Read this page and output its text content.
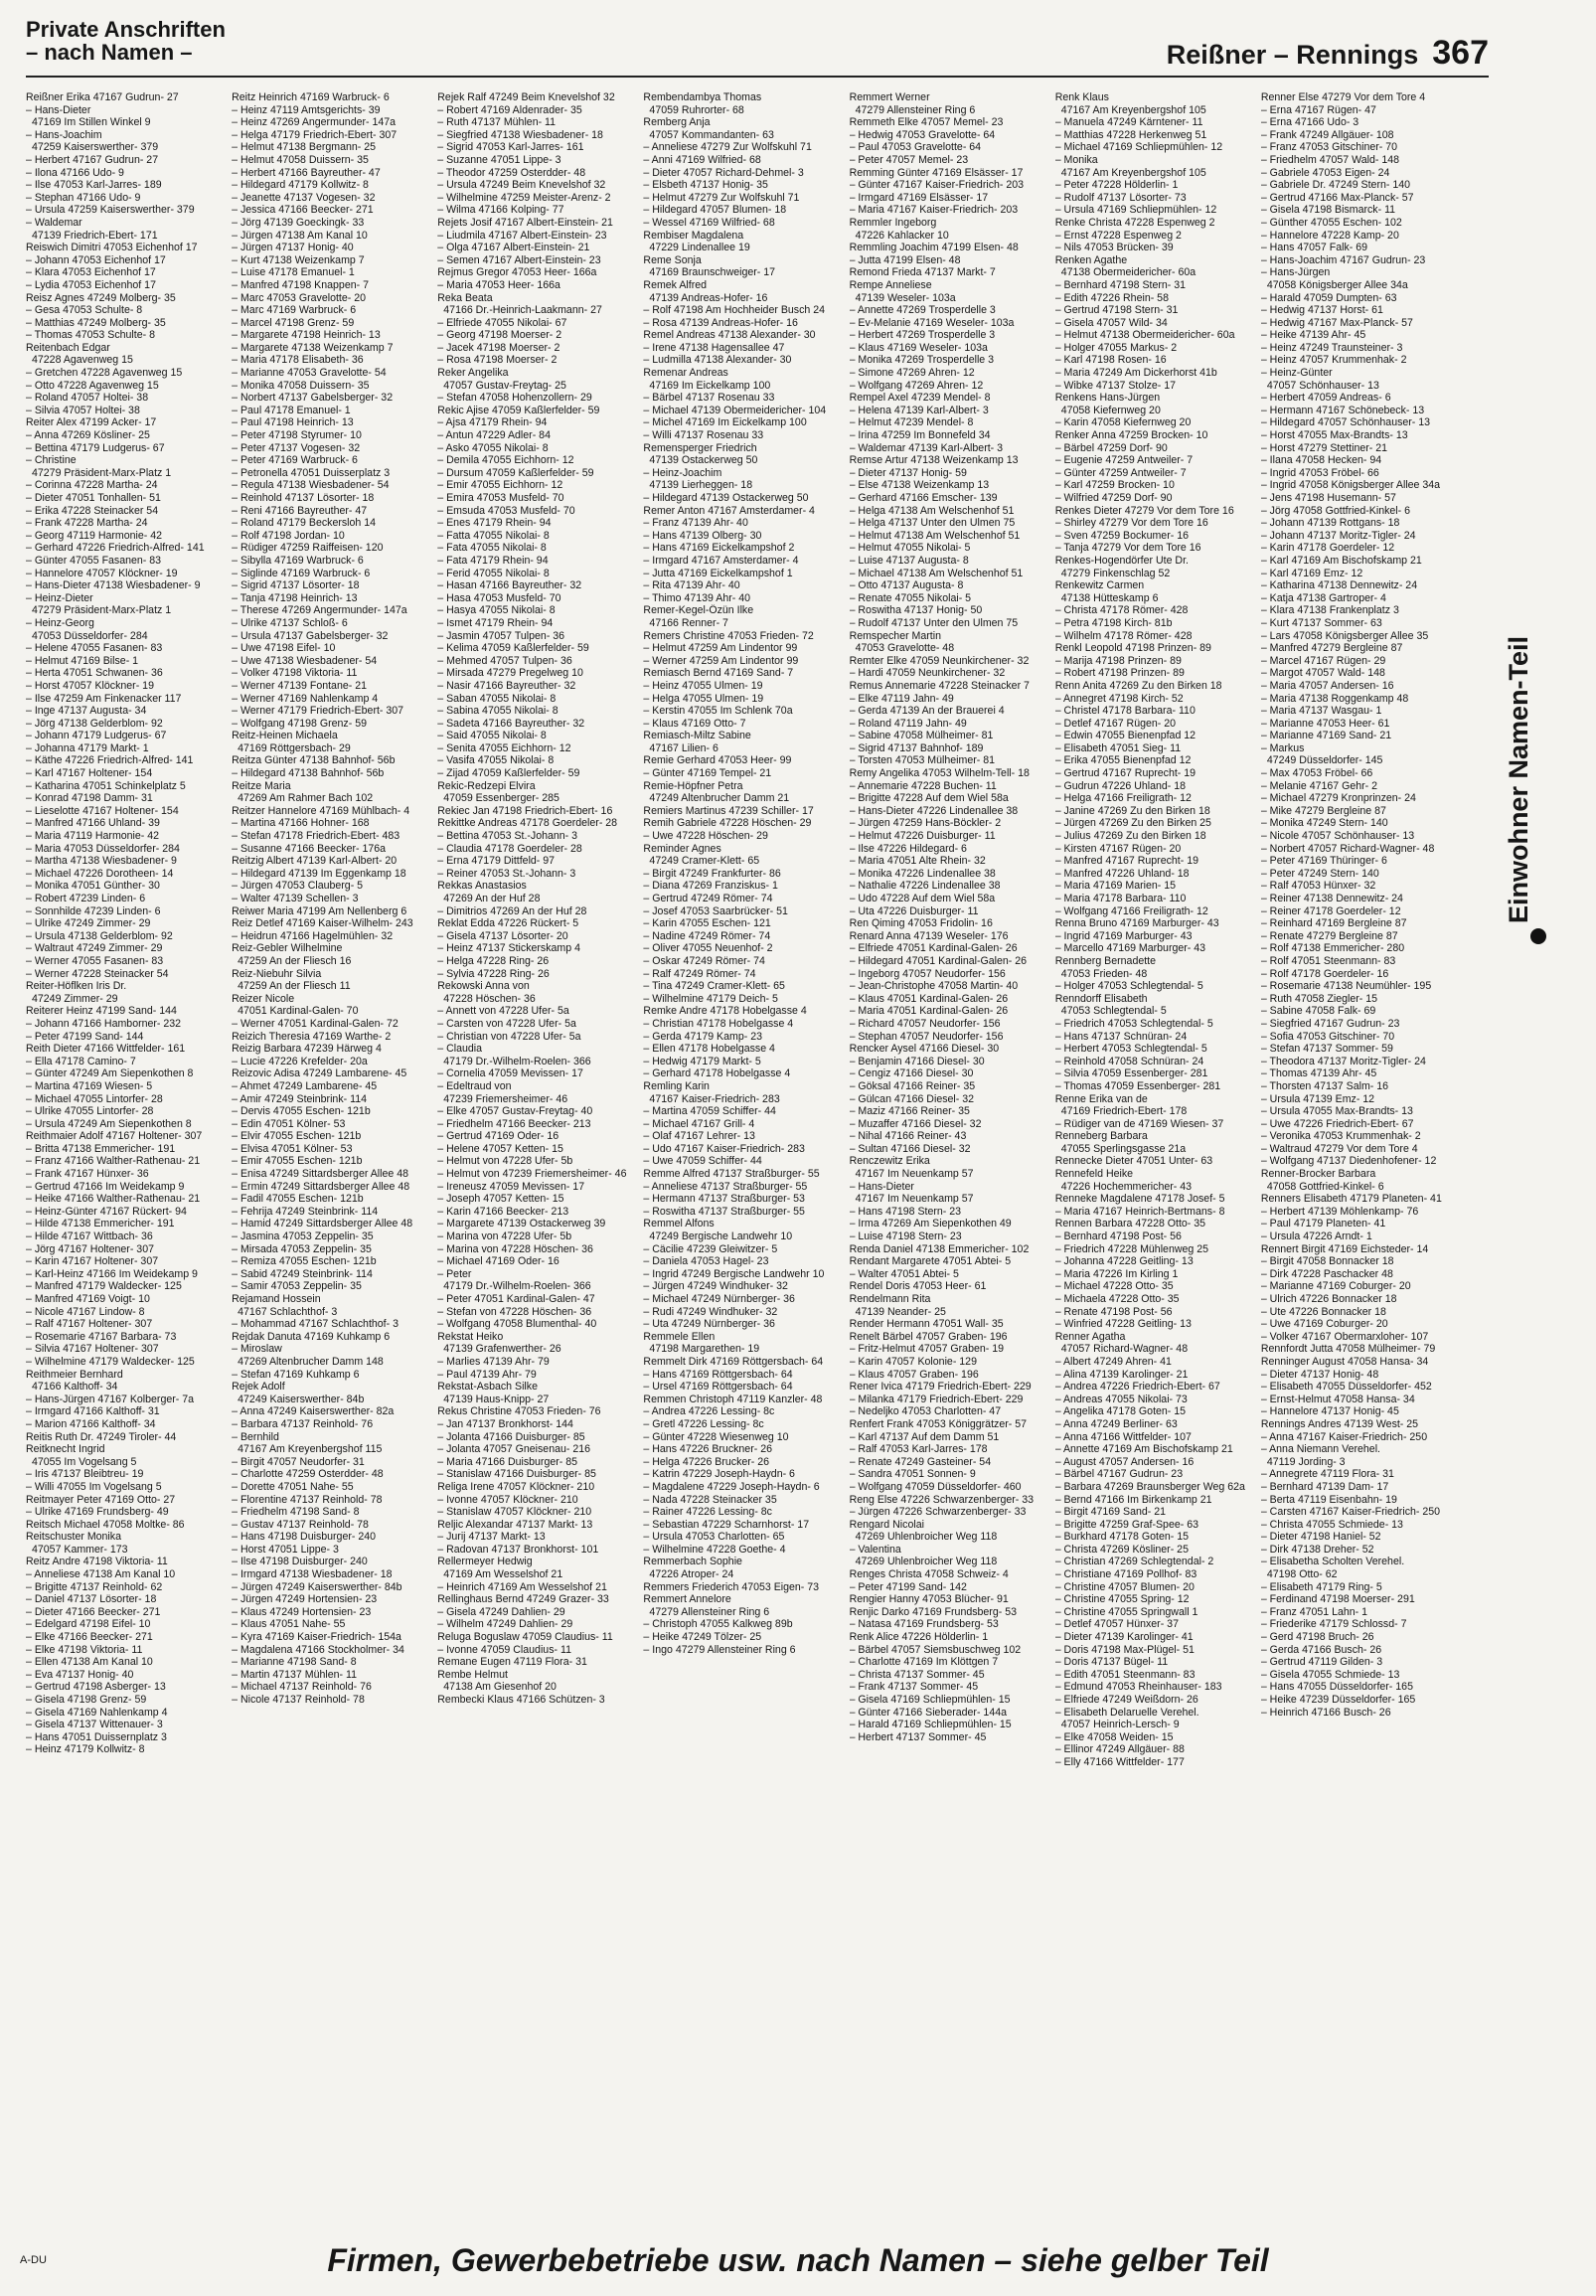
Private Anschriften
– nach Namen –	Reißner – Rennings 367
Reißner Erika 47167 Gudrun- 27
– Hans-Dieter
47169 Im Stillen Winkel 9
– Hans-Joachim
47259 Kaiserswerther- 379
– Herbert 47167 Gudrun- 27
– Ilona 47166 Udo- 9
– Ilse 47053 Karl-Jarres- 189
– Stephan 47166 Udo- 9
– Ursula 47259 Kaiserswerther- 379
– Waldemar
47139 Friedrich-Ebert- 171
Reiswich Dimitri 47053 Eichenhof 17
– Johann 47053 Eichenhof 17
– Klara 47053 Eichenhof 17
– Lydia 47053 Eichenhof 17
Reisz Agnes 47249 Molberg- 35
– Gesa 47053 Schulte- 8
– Matthias 47249 Molberg- 35
– Thomas 47053 Schulte- 8
Reitenbach Edgar
47228 Agavenweg 15
– Gretchen 47228 Agavenweg 15
– Otto 47228 Agavenweg 15
– Roland 47057 Holtei- 38
– Silvia 47057 Holtei- 38
Reiter Alex 47199 Acker- 17
– Anna 47269 Kösliner- 25
– Bettina 47179 Ludgerus- 67
– Christine
47279 Präsident-Marx-Platz 1
– Corinna 47228 Martha- 24
– Dieter 47051 Tonhallen- 51
– Erika 47228 Steinacker 54
– Frank 47228 Martha- 24
– Georg 47119 Harmonie- 42
– Gerhard 47226 Friedrich-Alfred- 141
– Günter 47055 Fasanen- 83
– Hannelore 47057 Klöckner- 19
– Hans-Dieter 47138 Wiesbadener- 9
– Heinz-Dieter
47279 Präsident-Marx-Platz 1
– Heinz-Georg
47053 Düsseldorfer- 284
– Helene 47055 Fasanen- 83
– Helmut 47169 Bilse- 1
– Herta 47051 Schwanen- 36
– Horst 47057 Klöckner- 19
– Ilse 47259 Am Finkenacker 117
– Inge 47137 Augusta- 34
– Jörg 47138 Gelderblom- 92
– Johann 47179 Ludgerus- 67
– Johanna 47179 Markt- 1
– Käthe 47226 Friedrich-Alfred- 141
– Karl 47167 Holtener- 154
– Katharina 47051 Schinkelplatz 5
– Konrad 47198 Damm- 31
– Lieselotte 47167 Holtener- 154
– Manfred 47166 Uhland- 39
– Maria 47119 Harmonie- 42
– Maria 47053 Düsseldorfer- 284
– Martha 47138 Wiesbadener- 9
– Michael 47226 Dorotheen- 14
– Monika 47051 Günther- 30
– Robert 47239 Linden- 6
– Sonnhilde 47239 Linden- 6
– Ulrike 47249 Zimmer- 29
– Ursula 47138 Gelderblom- 92
– Waltraut 47249 Zimmer- 29
– Werner 47055 Fasanen- 83
– Werner 47228 Steinacker 54
Reiter-Höflken Iris Dr.
47249 Zimmer- 29
Reiterer Heinz 47199 Sand- 144
– Johann 47166 Hamborner- 232
– Peter 47199 Sand- 144
Reith Dieter 47166 Wittfelder- 161
– Ella 47178 Camino- 7
– Günter 47249 Am Siepenkothen 8
– Martina 47169 Wiesen- 5
– Michael 47055 Lintorfer- 28
– Ulrike 47055 Lintorfer- 28
– Ursula 47249 Am Siepenkothen 8
Reithmaier Adolf 47167 Holtener- 307
– Britta 47138 Emmericher- 191
– Franz 47166 Walther-Rathenau- 21
– Frank 47167 Hünxer- 36
– Gertrud 47166 Im Weidekamp 9
– Heike 47166 Walther-Rathenau- 21
– Heinz-Günter 47167 Rückert- 94
– Hilde 47138 Emmericher- 191
– Hilde 47167 Wittbach- 36
– Jörg 47167 Holtener- 307
– Karin 47167 Holtener- 307
– Karl-Heinz 47166 Im Weidekamp 9
– Manfred 47179 Waldecker- 125
– Manfred 47169 Voigt- 10
– Nicole 47167 Lindow- 8
– Ralf 47167 Holtener- 307
– Rosemarie 47167 Barbara- 73
– Silvia 47167 Holtener- 307
– Wilhelmine 47179 Waldecker- 125
Reithmeier Bernhard
47166 Kalthoff- 34
– Hans-Jürgen 47167 Kolberger- 7a
– Irmgard 47166 Kalthoff- 31
– Marion 47166 Kalthoff- 34
Reitis Ruth Dr. 47249 Tiroler- 44
Reitknecht Ingrid
47055 Im Vogelsang 5
– Iris 47137 Bleibtreu- 19
– Willi 47055 Im Vogelsang 5
Reitmayer Peter 47169 Otto- 27
– Ulrike 47169 Frundsberg- 49
Reitsch Michael 47058 Moltke- 86
Reitschuster Monika
47057 Kammer- 173
Reitz Andre 47198 Viktoria- 11
– Anneliese 47138 Am Kanal 10
– Brigitte 47137 Reinhold- 62
– Daniel 47137 Lösorter- 18
– Dieter 47166 Beecker- 271
– Edelgard 47198 Eifel- 10
– Elke 47166 Beecker- 271
– Elke 47198 Viktoria- 11
– Ellen 47138 Am Kanal 10
– Eva 47137 Honig- 40
– Gertrud 47198 Asberger- 13
– Gisela 47198 Grenz- 59
– Gisela 47169 Nahlenkamp 4
– Gisela 47137 Wittenauer- 3
– Hans 47051 Duissernplatz 3
– Heinz 47179 Kollwitz- 8
Reitz Heinrich 47169 Warbruck- 6
– Heinz 47119 Amtsgerichts- 39
– Heinz 47269 Angermunder- 147a
– Helga 47179 Friedrich-Ebert- 307
– Helmut 47138 Bergmann- 25
– Helmut 47058 Duissern- 35
– Herbert 47166 Bayreuther- 47
– Hildegard 47179 Kollwitz- 8
– Jeanette 47137 Vogesen- 32
– Jessica 47166 Beecker- 271
– Jörg 47139 Goeckingk- 33
– Jürgen 47138 Am Kanal 10
– Jürgen 47137 Honig- 40
– Kurt 47138 Weizenkamp 7
– Luise 47178 Emanuel- 1
– Manfred 47198 Knappen- 7
– Marc 47053 Gravelotte- 20
– Marc 47169 Warbruck- 6
– Marcel 47198 Grenz- 59
– Margarete 47198 Heinrich- 13
– Margarete 47138 Weizenkamp 7
– Maria 47178 Elisabeth- 36
– Marianne 47053 Gravelotte- 54
– Monika 47058 Duissern- 35
– Norbert 47137 Gabelsberger- 32
– Paul 47178 Emanuel- 1
– Paul 47198 Heinrich- 13
– Peter 47198 Styrumer- 10
– Peter 47137 Vogesen- 32
– Peter 47169 Warbruck- 6
– Petronella 47051 Duisserplatz 3
– Regula 47138 Wiesbadener- 54
– Reinhold 47137 Lösorter- 18
– Reni 47166 Bayreuther- 47
– Roland 47179 Beckersloh 14
– Rolf 47198 Jordan- 10
– Rüdiger 47259 Raiffeisen- 120
– Sibylla 47169 Warbruck- 6
– Siglinde 47169 Warbruck- 6
– Sigrid 47137 Lösorter- 18
– Tanja 47198 Heinrich- 13
– Therese 47269 Angermunder- 147a
– Ulrike 47137 Schloß- 6
– Ursula 47137 Gabelsberger- 32
– Uwe 47198 Eifel- 10
– Uwe 47138 Wiesbadener- 54
– Volker 47198 Viktoria- 11
– Werner 47139 Fontane- 21
– Werner 47169 Nahlenkamp 4
– Werner 47179 Friedrich-Ebert- 307
– Wolfgang 47198 Grenz- 59
Reitz-Heinen Michaela
47169 Röttgersbach- 29
Reitza Günter 47138 Bahnhof- 56b
– Hildegard 47138 Bahnhof- 56b
Reitze Maria
47269 Am Rahmer Bach 102
Reitzer Hannelore 47169 Mühlbach- 4
– Martina 47166 Hohner- 168
– Stefan 47178 Friedrich-Ebert- 483
– Susanne 47166 Beecker- 176a
Reitzig Albert 47139 Karl-Albert- 20
– Hildegard 47139 Im Eggenkamp 18
– Jürgen 47053 Clauberg- 5
– Walter 47139 Schellen- 3
Reiwer Maria 47199 Am Nellenberg 6
Reiz Detlef 47169 Kaiser-Wilhelm- 243
– Heidrun 47166 Hagelmühlen- 32
Reiz-Gebler Wilhelmine
47259 An der Fliesch 16
Reiz-Niebuhr Silvia
47259 An der Fliesch 11
Reizer Nicole
47051 Kardinal-Galen- 70
– Werner 47051 Kardinal-Galen- 72
Reizich Theresia 47169 Warthe- 2
Reizig Barbara 47239 Härweg 4
– Lucie 47226 Krefelder- 20a
Reizovic Adisa 47249 Lambarene- 45
– Ahmet 47249 Lambarene- 45
– Amir 47249 Steinbrink- 114
– Dervis 47055 Eschen- 121b
– Edin 47051 Kölner- 53
– Elvir 47055 Eschen- 121b
– Elvisa 47051 Kölner- 53
– Emir 47055 Eschen- 121b
– Enisa 47249 Sittardsberger Allee 48
– Ermin 47249 Sittardsberger Allee 48
– Fadil 47055 Eschen- 121b
– Fehrija 47249 Steinbrink- 114
– Hamid 47249 Sittardsberger Allee 48
– Jasmina 47053 Zeppelin- 35
– Mirsada 47053 Zeppelin- 35
– Remiza 47055 Eschen- 121b
– Sabid 47249 Steinbrink- 114
– Samir 47053 Zeppelin- 35
Rejamand Hossein
47167 Schlachthof- 3
– Mohammad 47167 Schlachthof- 3
Rejdak Danuta 47169 Kuhkamp 6
– Miroslaw
47269 Altenbrucher Damm 148
– Stefan 47169 Kuhkamp 6
Rejek Adolf
47249 Kaiserswerther- 84b
– Anna 47249 Kaiserswerther- 82a
– Barbara 47137 Reinhold- 76
– Bernhild
47167 Am Kreyenbergshof 115
– Birgit 47057 Neudorfer- 31
– Charlotte 47259 Osterdder- 48
– Dorette 47051 Nahe- 55
– Florentine 47137 Reinhold- 78
– Friedhelm 47198 Sand- 8
– Gustav 47137 Reinhold- 78
– Hans 47198 Duisburger- 240
– Horst 47051 Lippe- 3
– Ilse 47198 Duisburger- 240
– Irmgard 47138 Wiesbadener- 18
– Jürgen 47249 Kaiserswerther- 84b
– Jürgen 47249 Hortensien- 23
– Klaus 47249 Hortensien- 23
– Klaus 47051 Nahe- 55
– Kyra 47169 Kaiser-Friedrich- 154a
– Magdalena 47166 Stockholmer- 34
– Marianne 47198 Sand- 8
– Martin 47137 Mühlen- 11
– Michael 47137 Reinhold- 76
– Nicole 47137 Reinhold- 78
Rejek Ralf 47249 Beim Knevelshof 32
– Robert 47169 Aldenrader- 35
– Ruth 47137 Mühlen- 11
– Siegfried 47138 Wiesbadener- 18
– Sigrid 47053 Karl-Jarres- 161
– Suzanne 47051 Lippe- 3
– Theodor 47259 Osterdder- 48
– Ursula 47249 Beim Knevelshof 32
– Wilhelmine 47259 Meister-Arenz- 2
– Wilma 47166 Kolping- 77
Rejets Josif 47167 Albert-Einstein- 21
– Liudmila 47167 Albert-Einstein- 23
– Olga 47167 Albert-Einstein- 21
– Semen 47167 Albert-Einstein- 23
Rejmus Gregor 47053 Heer- 166a
– Maria 47053 Heer- 166a
Reka Beata
47166 Dr.-Heinrich-Laakmann- 27
– Elfriede 47055 Nikolai- 67
– Georg 47198 Moerser- 2
– Jacek 47198 Moerser- 2
– Rosa 47198 Moerser- 2
Reker Angelika
47057 Gustav-Freytag- 25
– Stefan 47058 Hohenzollern- 29
Rekic Ajise 47059 Kaßlerfelder- 59
– Ajsa 47179 Rhein- 94
– Antun 47229 Adler- 84
– Asko 47055 Nikolai- 8
– Demila 47055 Eichhorn- 12
– Dursum 47059 Kaßlerfelder- 59
– Emir 47055 Eichhorn- 12
– Emira 47053 Musfeld- 70
– Emsuda 47053 Musfeld- 70
– Enes 47179 Rhein- 94
– Fatta 47055 Nikolai- 8
– Fata 47055 Nikolai- 8
– Fata 47179 Rhein- 94
– Ferid 47055 Nikolai- 8
– Hasan 47166 Bayreuther- 32
– Hasa 47053 Musfeld- 70
– Hasya 47055 Nikolai- 8
– Ismet 47179 Rhein- 94
– Jasmin 47057 Tulpen- 36
– Kelima 47059 Kaßlerfelder- 59
– Mehmed 47057 Tulpen- 36
– Mirsada 47279 Pregelweg 10
– Nasir 47166 Bayreuther- 32
– Saban 47055 Nikolai- 8
– Sabina 47055 Nikolai- 8
– Sadeta 47166 Bayreuther- 32
– Said 47055 Nikolai- 8
– Senita 47055 Eichhorn- 12
– Vasifa 47055 Nikolai- 8
– Zijad 47059 Kaßlerfelder- 59
Rekic-Redzepi Elvira
47059 Essenberger- 285
Rekiec Jan 47198 Friedrich-Ebert- 16
Rekittke Andreas 47178 Goerdeler- 28
– Bettina 47053 St.-Johann- 3
– Claudia 47178 Goerdeler- 28
– Erna 47179 Dittfeld- 97
– Reiner 47053 St.-Johann- 3
Rekkas Anastasios
47269 An der Huf 28
– Dimitrios 47269 An der Huf 28
Reklat Edda 47226 Rückert- 5
– Gisela 47137 Lösorter- 20
– Heinz 47137 Stickerskamp 4
– Helga 47228 Ring- 26
– Sylvia 47228 Ring- 26
Rekowski Anna von
47228 Höschen- 36
– Annett von 47228 Ufer- 5a
– Carsten von 47228 Ufer- 5a
– Christian von 47228 Ufer- 5a
– Claudia
47179 Dr.-Wilhelm-Roelen- 366
– Cornelia 47059 Mevissen- 17
– Edeltraud von
47239 Friemersheimer- 46
– Elke 47057 Gustav-Freytag- 40
– Friedhelm 47166 Beecker- 213
– Gertrud 47169 Oder- 16
– Helene 47057 Ketten- 15
– Helmut von 47228 Ufer- 5b
– Helmut von 47239 Friemersheimer- 46
– Ireneusz 47059 Mevissen- 17
– Joseph 47057 Ketten- 15
– Karin 47166 Beecker- 213
– Margarete 47139 Ostackerweg 39
– Marina von 47228 Ufer- 5b
– Marina von 47228 Höschen- 36
– Michael 47169 Oder- 16
– Peter
47179 Dr.-Wilhelm-Roelen- 366
– Peter 47051 Kardinal-Galen- 47
– Stefan von 47228 Höschen- 36
– Wolfgang 47058 Blumenthal- 40
Rekstat Heiko
47139 Grafenwerther- 26
– Marlies 47139 Ahr- 79
– Paul 47139 Ahr- 79
Rekstat-Asbach Silke
47139 Haus-Knipp- 27
Rekus Christine 47053 Frieden- 76
– Jan 47137 Bronkhorst- 144
– Jolanta 47166 Duisburger- 85
– Jolanta 47057 Gneisenau- 216
– Maria 47166 Duisburger- 85
– Stanislaw 47166 Duisburger- 85
Religa Irene 47057 Klöckner- 210
– Ivonne 47057 Klöckner- 210
– Stanislaw 47057 Klöckner- 210
Reljic Alexandar 47137 Markt- 13
– Jurij 47137 Markt- 13
– Radovan 47137 Bronkhorst- 101
Rellermeyer Hedwig
47169 Am Wesselshof 21
– Heinrich 47169 Am Wesselshof 21
Rellinghaus Bernd 47249 Grazer- 33
– Gisela 47249 Dahlien- 29
– Wilhelm 47249 Dahlien- 29
Reluga Boguslaw 47059 Claudius- 11
– Ivonne 47059 Claudius- 11
Remane Eugen 47119 Flora- 31
Rembe Helmut
47138 Am Giesenhof 20
Rembecki Klaus 47166 Schützen- 3
Rembendambya Thomas
47059 Ruhrorter- 68
Remberg Anja
47057 Kommandanten- 63
– Anneliese 47279 Zur Wolfskuhl 71
– Anni 47169 Wilfried- 68
– Dieter 47057 Richard-Dehmel- 3
– Elsbeth 47137 Honig- 35
– Helmut 47279 Zur Wolfskuhl 71
– Hildegard 47057 Blumen- 18
– Wessel 47169 Wilfried- 68
Rembiser Magdalena
47229 Lindenallee 19
Reme Sonja
47169 Braunschweiger- 17
Remek Alfred
47139 Andreas-Hofer- 16
– Rolf 47198 Am Hochheider Busch 24
– Rosa 47139 Andreas-Hofer- 16
Remel Andreas 47138 Alexander- 30
– Irene 47138 Hagensallee 47
– Ludmilla 47138 Alexander- 30
Remenar Andreas
47169 Im Eickelkamp 100
– Bärbel 47137 Rosenau 33
– Michael 47139 Obermeidericher- 104
– Michel 47169 Im Eickelkamp 100
– Willi 47137 Rosenau 33
Remensperger Friedrich
47139 Ostackerweg 50
– Heinz-Joachim
47139 Lierheggen- 18
– Hildegard 47139 Ostackerweg 50
Remer Anton 47167 Amsterdamer- 4
– Franz 47139 Ahr- 40
– Hans 47139 Olberg- 30
– Hans 47169 Eickelkampshof 2
– Irmgard 47167 Amsterdamer- 4
– Jutta 47169 Eickelkampshof 1
– Rita 47139 Ahr- 40
– Thimo 47139 Ahr- 40
Remer-Kegel-Özün Ilke
47166 Renner- 7
Remers Christine 47053 Frieden- 72
– Helmut 47259 Am Lindentor 99
– Werner 47259 Am Lindentor 99
Remiasch Bernd 47169 Sand- 7
– Heinz 47055 Ulmen- 19
– Helga 47055 Ulmen- 19
– Kerstin 47055 Im Schlenk 70a
– Klaus 47169 Otto- 7
Remiasch-Miltz Sabine
47167 Lilien- 6
Remie Gerhard 47053 Heer- 99
– Günter 47169 Tempel- 21
Remie-Höpfner Petra
47249 Altenbrucher Damm 21
Remiers Martinus 47239 Schiller- 17
Remih Gabriele 47228 Höschen- 29
– Uwe 47228 Höschen- 29
Reminder Agnes
47249 Cramer-Klett- 65
– Birgit 47249 Frankfurter- 86
– Diana 47269 Franziskus- 1
– Gertrud 47249 Römer- 74
– Josef 47053 Saarbrücker- 51
– Karin 47055 Eschen- 121
– Nadine 47249 Römer- 74
– Oliver 47055 Neuenhof- 2
– Oskar 47249 Römer- 74
– Ralf 47249 Römer- 74
– Tina 47249 Cramer-Klett- 65
– Wilhelmine 47179 Deich- 5
Remke Andre 47178 Hobelgasse 4
– Christian 47178 Hobelgasse 4
– Gerda 47179 Kamp- 23
– Ellen 47178 Hobelgasse 4
– Hedwig 47179 Markt- 5
– Gerhard 47178 Hobelgasse 4
Remling Karin
47167 Kaiser-Friedrich- 283
– Martina 47059 Schiffer- 44
– Michael 47167 Grill- 4
– Olaf 47167 Lehrer- 13
– Udo 47167 Kaiser-Friedrich- 283
– Uwe 47059 Schiffer- 44
Remme Alfred 47137 Straßburger- 55
– Anneliese 47137 Straßburger- 55
– Hermann 47137 Straßburger- 53
– Roswitha 47137 Straßburger- 55
Remmel Alfons
47249 Bergische Landwehr 10
– Cäcilie 47239 Gleiwitzer- 5
– Daniela 47053 Hagel- 23
– Ingrid 47249 Bergische Landwehr 10
– Jürgen 47249 Windhuker- 32
– Michael 47249 Nürnberger- 36
– Rudi 47249 Windhuker- 32
– Uta 47249 Nürnberger- 36
Remmele Ellen
47198 Margarethen- 19
Remmelt Dirk 47169 Röttgersbach- 64
– Hans 47169 Röttgersbach- 64
– Ursel 47169 Röttgersbach- 64
Remmen Christoph 47119 Kanzler- 48
– Andrea 47226 Lessing- 8c
– Gretl 47226 Lessing- 8c
– Günter 47228 Wiesenweg 10
– Hans 47226 Bruckner- 26
– Helga 47226 Brucker- 26
– Katrin 47229 Joseph-Haydn- 6
– Magdalene 47229 Joseph-Haydn- 6
– Nada 47228 Steinacker 35
– Rainer 47226 Lessing- 8c
– Sebastian 47229 Scharnhorst- 17
– Ursula 47053 Charlotten- 65
– Wilhelmine 47228 Goethe- 4
Remmerbach Sophie
47226 Atroper- 24
Remmers Friederich 47053 Eigen- 73
Remmert Annelore
47279 Allensteiner Ring 6
– Christoph 47055 Kalkweg 89b
– Heike 47249 Tölzer- 25
– Ingo 47279 Allensteiner Ring 6
Remmert Werner
47279 Allensteiner Ring 6
Remmeth Elke 47057 Memel- 23
– Hedwig 47053 Gravelotte- 64
– Paul 47053 Gravelotte- 64
– Peter 47057 Memel- 23
Remming Günter 47169 Elsässer- 17
– Günter 47167 Kaiser-Friedrich- 203
– Irmgard 47169 Elsässer- 17
– Maria 47167 Kaiser-Friedrich- 203
Remmler Ingeborg
47226 Kahlacker 10
Remmling Joachim 47199 Elsen- 48
– Jutta 47199 Elsen- 48
Remond Frieda 47137 Markt- 7
Rempe Anneliese
47139 Weseler- 103a
– Annette 47269 Trosperdelle 3
– Ev-Melanie 47169 Weseler- 103a
– Herbert 47269 Trosperdelle 3
– Klaus 47169 Weseler- 103a
– Monika 47269 Trosperdelle 3
– Simone 47269 Ahren- 12
– Wolfgang 47269 Ahren- 12
Rempel Axel 47239 Mendel- 8
– Helena 47139 Karl-Albert- 3
– Helmut 47239 Mendel- 8
– Irina 47259 Im Bonnefeld 34
– Waldemar 47139 Karl-Albert- 3
Remse Artur 47138 Weizenkamp 13
– Dieter 47137 Honig- 59
– Else 47138 Weizenkamp 13
– Gerhard 47166 Emscher- 139
– Helga 47138 Am Welschenhof 51
– Helga 47137 Unter den Ulmen 75
– Helmut 47138 Am Welschenhof 51
– Helmut 47055 Nikolai- 5
– Luise 47137 Augusta- 8
– Michael 47138 Am Welschenhof 51
– Otto 47137 Augusta- 8
– Renate 47055 Nikolai- 5
– Roswitha 47137 Honig- 50
– Rudolf 47137 Unter den Ulmen 75
Remspecher Martin
47053 Gravelotte- 48
Remter Elke 47059 Neunkirchener- 32
– Hardi 47059 Neunkirchener- 32
Remus Annemarie 47228 Steinacker 7
– Elke 47119 Jahn- 49
– Gerda 47139 An der Brauerei 4
– Roland 47119 Jahn- 49
– Sabine 47058 Mülheimer- 81
– Sigrid 47137 Bahnhof- 189
– Torsten 47053 Mülheimer- 81
Remy Angelika 47053 Wilhelm-Tell- 18
– Annemarie 47228 Buchen- 11
– Brigitte 47228 Auf dem Wiel 58a
– Hans-Dieter 47226 Lindenallee 38
– Jürgen 47259 Hans-Böckler- 2
– Helmut 47226 Duisburger- 11
– Ilse 47226 Hildegard- 6
– Maria 47051 Alte Rhein- 32
– Monika 47226 Lindenallee 38
– Nathalie 47226 Lindenallee 38
– Udo 47228 Auf dem Wiel 58a
– Uta 47226 Duisburger- 11
Ren Qiming 47053 Fridolin- 16
Renard Anna 47139 Weseler- 176
– Elfriede 47051 Kardinal-Galen- 26
– Hildegard 47051 Kardinal-Galen- 26
– Ingeborg 47057 Neudorfer- 156
– Jean-Christophe 47058 Martin- 40
– Klaus 47051 Kardinal-Galen- 26
– Maria 47051 Kardinal-Galen- 26
– Richard 47057 Neudorfer- 156
– Stephan 47057 Neudorfer- 156
Rencker Aysel 47166 Diesel- 30
– Benjamin 47166 Diesel- 30
– Cengiz 47166 Diesel- 30
– Göksal 47166 Reiner- 35
– Gülcan 47166 Diesel- 32
– Maziz 47166 Reiner- 35
– Muzaffer 47166 Diesel- 32
– Nihal 47166 Reiner- 43
– Sultan 47166 Diesel- 32
Renczewitz Erika
47167 Im Neuenkamp 57
– Hans-Dieter
47167 Im Neuenkamp 57
– Hans 47198 Stern- 23
– Irma 47269 Am Siepenkothen 49
– Luise 47198 Stern- 23
Renda Daniel 47138 Emmericher- 102
Rendant Margarete 47051 Abtei- 5
– Walter 47051 Abtei- 5
Rendel Doris 47053 Heer- 61
Rendelmann Rita
47139 Neander- 25
Render Hermann 47051 Wall- 35
Renelt Bärbel 47057 Graben- 196
– Fritz-Helmut 47057 Graben- 19
– Karin 47057 Kolonie- 129
– Klaus 47057 Graben- 196
Rener Ivica 47179 Friedrich-Ebert- 229
– Milanka 47179 Friedrich-Ebert- 229
– Nedeljko 47053 Charlotten- 47
Renfert Frank 47053 Königgrätzer- 57
– Karl 47137 Auf dem Damm 51
– Ralf 47053 Karl-Jarres- 178
– Renate 47249 Gasteiner- 54
– Sandra 47051 Sonnen- 9
– Wolfgang 47059 Düsseldorfer- 460
Reng Else 47226 Schwarzenberger- 33
– Jürgen 47226 Schwarzenberger- 33
Rengard Nicolai
47269 Uhlenbroicher Weg 118
– Valentina
47269 Uhlenbroicher Weg 118
Renges Christa 47058 Schweiz- 4
– Peter 47199 Sand- 142
Rengier Hanny 47053 Blücher- 91
Renjic Darko 47169 Frundsberg- 53
– Natasa 47169 Frundsberg- 53
Renk Alice 47226 Hölderlin- 1
– Bärbel 47057 Siemsbuschweg 102
– Charlotte 47169 Im Klöttgen 7
– Christa 47137 Sommer- 45
– Frank 47137 Sommer- 45
– Gisela 47169 Schliepmühlen- 15
– Günter 47166 Sieberader- 144a
– Harald 47169 Schliepmühlen- 15
– Herbert 47137 Sommer- 45
Renk Klaus
47167 Am Kreyenbergshof 105
– Manuela 47249 Kärntener- 11
– Matthias 47228 Herkenweg 51
– Michael 47169 Schliepmühlen- 12
– Monika
47167 Am Kreyenbergshof 105
– Peter 47228 Hölderlin- 1
– Rudolf 47137 Lösorter- 73
– Ursula 47169 Schliepmühlen- 12
Renke Christa 47228 Espenweg 2
– Ernst 47228 Espenweg 2
– Nils 47053 Brücken- 39
Renken Agathe
47138 Obermeidericher- 60a
– Bernhard 47198 Stern- 31
– Edith 47226 Rhein- 58
– Gertrud 47198 Stern- 31
– Gisela 47057 Wild- 34
– Helmut 47138 Obermeidericher- 60a
– Holger 47055 Markus- 2
– Karl 47198 Rosen- 16
– Maria 47249 Am Dickerhorst 41b
– Wibke 47137 Stolze- 17
Renkens Hans-Jürgen
47058 Kiefernweg 20
– Karin 47058 Kiefernweg 20
Renker Anna 47259 Brocken- 10
– Bärbel 47259 Dorf- 90
– Eugenie 47259 Antweiler- 7
– Günter 47259 Antweiler- 7
– Karl 47259 Brocken- 10
– Wilfried 47259 Dorf- 90
Renkes Dieter 47279 Vor dem Tore 16
– Shirley 47279 Vor dem Tore 16
– Sven 47259 Bockumer- 16
– Tanja 47279 Vor dem Tore 16
Renkes-Hogendörfer Ute Dr.
47279 Finkenschlag 52
Renkewitz Carmen
47138 Hütteskamp 6
– Christa 47178 Römer- 428
– Petra 47198 Kirch- 81b
– Wilhelm 47178 Römer- 428
Renkl Leopold 47198 Prinzen- 89
– Marija 47198 Prinzen- 89
– Robert 47198 Prinzen- 89
Renn Anita 47269 Zu den Birken 18
– Annegret 47198 Kirch- 52
– Christel 47178 Barbara- 110
– Detlef 47167 Rügen- 20
– Edwin 47055 Bienenpfad 12
– Elisabeth 47051 Sieg- 11
– Erika 47055 Bienenpfad 12
– Gertrud 47167 Ruprecht- 19
– Gudrun 47226 Uhland- 18
– Helga 47166 Freiligrath- 12
– Janine 47269 Zu den Birken 18
– Jürgen 47269 Zu den Birken 25
– Julius 47269 Zu den Birken 18
– Kirsten 47167 Rügen- 20
– Manfred 47167 Ruprecht- 19
– Manfred 47226 Uhland- 18
– Maria 47169 Marien- 15
– Maria 47178 Barbara- 110
– Wolfgang 47166 Freiligrath- 12
Renna Bruno 47169 Marburger- 43
– Ingrid 47169 Marburger- 43
– Marcello 47169 Marburger- 43
Rennberg Bernadette
47053 Frieden- 48
– Holger 47053 Schlegtendal- 5
Renndorff Elisabeth
47053 Schlegtendal- 5
– Friedrich 47053 Schlegtendal- 5
– Hans 47137 Schnüran- 24
– Herbert 47053 Schlegtendal- 5
– Reinhold 47058 Schnüran- 24
– Silvia 47059 Essenberger- 281
– Thomas 47059 Essenberger- 281
Renne Erika van de
47169 Friedrich-Ebert- 178
– Rüdiger van de 47169 Wiesen- 37
Renneberg Barbara
47055 Sperlingsgasse 21a
Rennecke Dieter 47051 Unter- 63
Rennefeld Heike
47226 Hochemmericher- 43
Renneke Magdalene 47178 Josef- 5
– Maria 47167 Heinrich-Bertmans- 8
Rennen Barbara 47228 Otto- 35
– Bernhard 47198 Post- 56
– Friedrich 47228 Mühlenweg 25
– Johanna 47228 Geitling- 13
– Maria 47226 Im Kirling 1
– Michael 47228 Otto- 35
– Michaela 47228 Otto- 35
– Renate 47198 Post- 56
– Winfried 47228 Geitling- 13
Renner Agatha
47057 Richard-Wagner- 48
– Albert 47249 Ahren- 41
– Alina 47139 Karolinger- 21
– Andrea 47226 Friedrich-Ebert- 67
– Andreas 47055 Nikolai- 73
– Angelika 47178 Goten- 15
– Anna 47249 Berliner- 63
– Anna 47166 Wittfelder- 107
– Annette 47169 Am Bischofskamp 21
– August 47057 Andersen- 16
– Bärbel 47167 Gudrun- 23
– Barbara 47269 Braunsberger Weg 62a
– Bernd 47166 Im Birkenkamp 21
– Birgit 47169 Sand- 21
– Brigitte 47259 Graf-Spee- 63
– Burkhard 47178 Goten- 15
– Christa 47269 Kösliner- 25
– Christian 47269 Schlegtendal- 2
– Christiane 47169 Pollhof- 83
– Christine 47057 Blumen- 20
– Christine 47055 Spring- 12
– Christine 47055 Springwall 1
– Detlef 47057 Hünxer- 37
– Dieter 47139 Karolinger- 41
– Doris 47198 Max-Plügel- 51
– Doris 47137 Bügel- 11
– Edith 47051 Steenmann- 83
– Edmund 47053 Rheinhauser- 183
– Elfriede 47249 Weißdorn- 26
– Elisabeth Delaruelle Verehel.
47057 Heinrich-Lersch- 9
– Elke 47058 Weiden- 15
– Ellinor 47249 Allgäuer- 88
– Elly 47166 Wittfelder- 177
Renner Else 47279 Vor dem Tore 4
– Erna 47167 Rügen- 47
– Erna 47166 Udo- 3
– Frank 47249 Allgäuer- 108
– Franz 47053 Gitschiner- 70
– Friedhelm 47057 Wald- 148
– Gabriele 47053 Eigen- 24
– Gabriele Dr. 47249 Stern- 140
– Gertrud 47166 Max-Planck- 57
– Gisela 47198 Bismarck- 11
– Günther 47055 Eschen- 102
– Hannelore 47228 Kamp- 20
– Hans 47057 Falk- 69
– Hans-Joachim 47167 Gudrun- 23
– Hans-Jürgen
47058 Königsberger Allee 34a
– Harald 47059 Dumpten- 63
– Hedwig 47137 Horst- 61
– Hedwig 47167 Max-Planck- 57
– Heike 47139 Ahr- 45
– Heinz 47249 Traunsteiner- 3
– Heinz 47057 Krummenhak- 2
– Heinz-Günter
47057 Schönhauser- 13
– Herbert 47059 Andreas- 6
– Hermann 47167 Schönebeck- 13
– Hildegard 47057 Schönhauser- 13
– Horst 47055 Max-Brandts- 13
– Horst 47279 Stettiner- 21
– Ilana 47058 Hecken- 94
– Ingrid 47053 Fröbel- 66
– Ingrid 47058 Königsberger Allee 34a
– Jens 47198 Husemann- 57
– Jörg 47058 Gottfried-Kinkel- 6
– Johann 47139 Rottgans- 18
– Johann 47137 Moritz-Tigler- 24
– Karin 47178 Goerdeler- 12
– Karl 47169 Am Bischofskamp 21
– Karl 47169 Emz- 12
– Katharina 47138 Dennewitz- 24
– Katja 47138 Gartroper- 4
– Klara 47138 Frankenplatz 3
– Kurt 47137 Sommer- 63
– Lars 47058 Königsberger Allee 35
– Manfred 47279 Bergleine 87
– Marcel 47167 Rügen- 29
– Margot 47057 Wald- 148
– Maria 47057 Andersen- 16
– Maria 47138 Roggenkamp 48
– Maria 47137 Wasgau- 1
– Marianne 47053 Heer- 61
– Marianne 47169 Sand- 21
– Markus
47249 Düsseldorfer- 145
– Max 47053 Fröbel- 66
– Melanie 47167 Gehr- 2
– Michael 47279 Kronprinzen- 24
– Mike 47279 Bergleine 87
– Monika 47249 Stern- 140
– Nicole 47057 Schönhauser- 13
– Norbert 47057 Richard-Wagner- 48
– Peter 47169 Thüringer- 6
– Peter 47249 Stern- 140
– Ralf 47053 Hünxer- 32
– Reiner 47138 Dennewitz- 24
– Reiner 47178 Goerdeler- 12
– Reinhard 47169 Bergleine 87
– Renate 47279 Bergleine 87
– Rolf 47138 Emmericher- 280
– Rolf 47051 Steenmann- 83
– Rolf 47178 Goerdeler- 16
– Rosemarie 47138 Neumühler- 195
– Ruth 47058 Ziegler- 15
– Sabine 47058 Falk- 69
– Siegfried 47167 Gudrun- 23
– Sofia 47053 Gitschiner- 70
– Stefan 47137 Sommer- 59
– Theodora 47137 Moritz-Tigler- 24
– Thomas 47139 Ahr- 45
– Thorsten 47137 Salm- 16
– Ursula 47139 Emz- 12
– Ursula 47055 Max-Brandts- 13
– Uwe 47226 Friedrich-Ebert- 67
– Veronika 47053 Krummenhak- 2
– Waltraud 47279 Vor dem Tore 4
– Wolfgang 47137 Diedenhofener- 12
Renner-Brocker Barbara
47058 Gottfried-Kinkel- 6
Renners Elisabeth 47179 Planeten- 41
– Herbert 47139 Möhlenkamp- 76
– Paul 47179 Planeten- 41
– Ursula 47226 Arndt- 1
Rennert Birgit 47169 Eichsteder- 14
– Birgit 47058 Bonnacker 18
– Dirk 47228 Paschacker 48
– Marianne 47169 Coburger- 20
– Ulrich 47226 Bonnacker 18
– Ute 47226 Bonnacker 18
– Uwe 47169 Coburger- 20
– Volker 47167 Obermarxloher- 107
Rennfordt Jutta 47058 Mülheimer- 79
Renninger August 47058 Hansa- 34
– Dieter 47137 Honig- 48
– Elisabeth 47055 Düsseldorfer- 452
– Ernst-Helmut 47058 Hansa- 34
– Hannelore 47137 Honig- 45
Rennings Andres 47139 West- 25
– Anna 47167 Kaiser-Friedrich- 250
– Anna Niemann Verehel.
47119 Jording- 3
– Annegrete 47119 Flora- 31
– Bernhard 47139 Dam- 17
– Berta 47119 Eisenbahn- 19
– Carsten 47167 Kaiser-Friedrich- 250
– Christa 47055 Schmiede- 13
– Dieter 47198 Haniel- 52
– Dirk 47138 Dreher- 52
– Elisabetha Scholten Verehel.
47198 Otto- 62
– Elisabeth 47179 Ring- 5
– Ferdinand 47198 Moerser- 291
– Franz 47051 Lahn- 1
– Friederike 47179 Schlossd- 7
– Gerd 47198 Bruch- 26
– Gerda 47166 Busch- 26
– Gertrud 47119 Gilden- 3
– Gisela 47055 Schmiede- 13
– Hans 47055 Düsseldorfer- 165
– Heike 47239 Düsseldorfer- 165
– Heinrich 47166 Busch- 26
Einwohner Namen-Teil
Firmen, Gewerbebetriebe usw. nach Namen – siehe gelber Teil
A-DU
